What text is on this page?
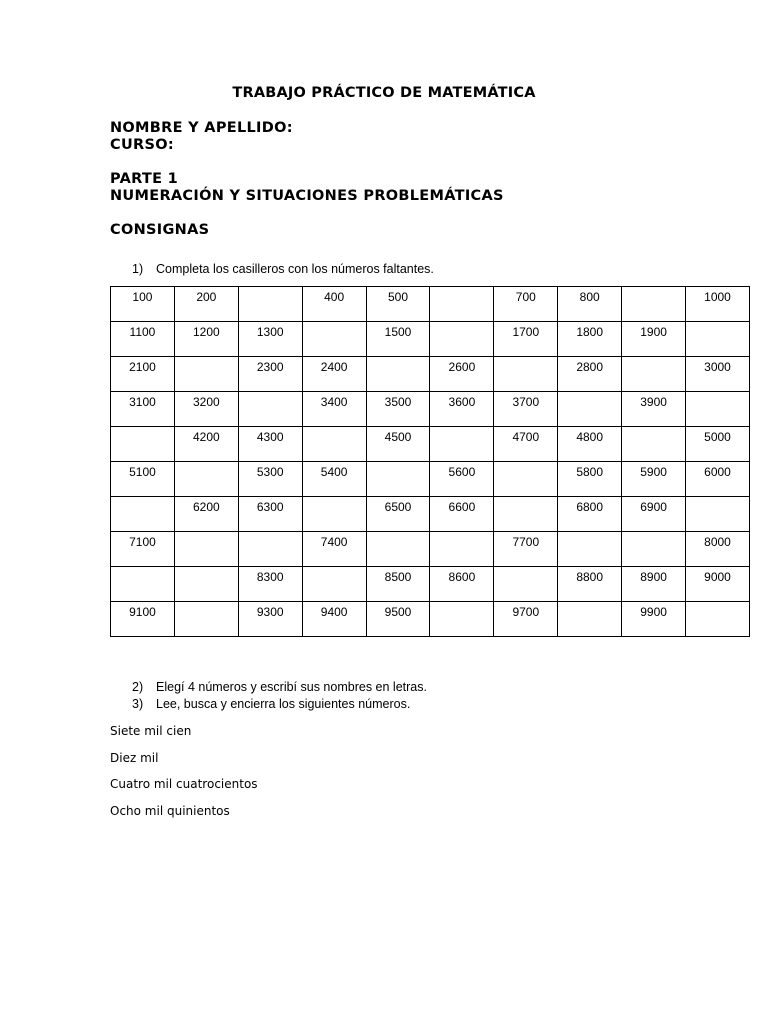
TRABAJO PRÁCTICO DE MATEMÁTICA
NOMBRE Y APELLIDO:
CURSO:
PARTE 1
NUMERACIÓN Y SITUACIONES PROBLEMÁTICAS
CONSIGNAS
1) Completa los casilleros con los números faltantes.
100	200		400	500		700	800		1000
1100	1200	1300		1500		1700	1800	1900	
2100		2300	2400		2600		2800		3000
3100	3200		3400	3500	3600	3700		3900	
	4200	4300		4500		4700	4800		5000
5100		5300	5400		5600		5800	5900	6000
	6200	6300		6500	6600		6800	6900	
7100			7400			7700			8000
		8300		8500	8600		8800	8900	9000
9100		9300	9400	9500		9700		9900	
2) Elegí 4 números y escribí sus nombres en letras.
3) Lee, busca y encierra los siguientes números.
Siete mil cien
Diez mil
Cuatro mil cuatrocientos
Ocho mil quinientos
